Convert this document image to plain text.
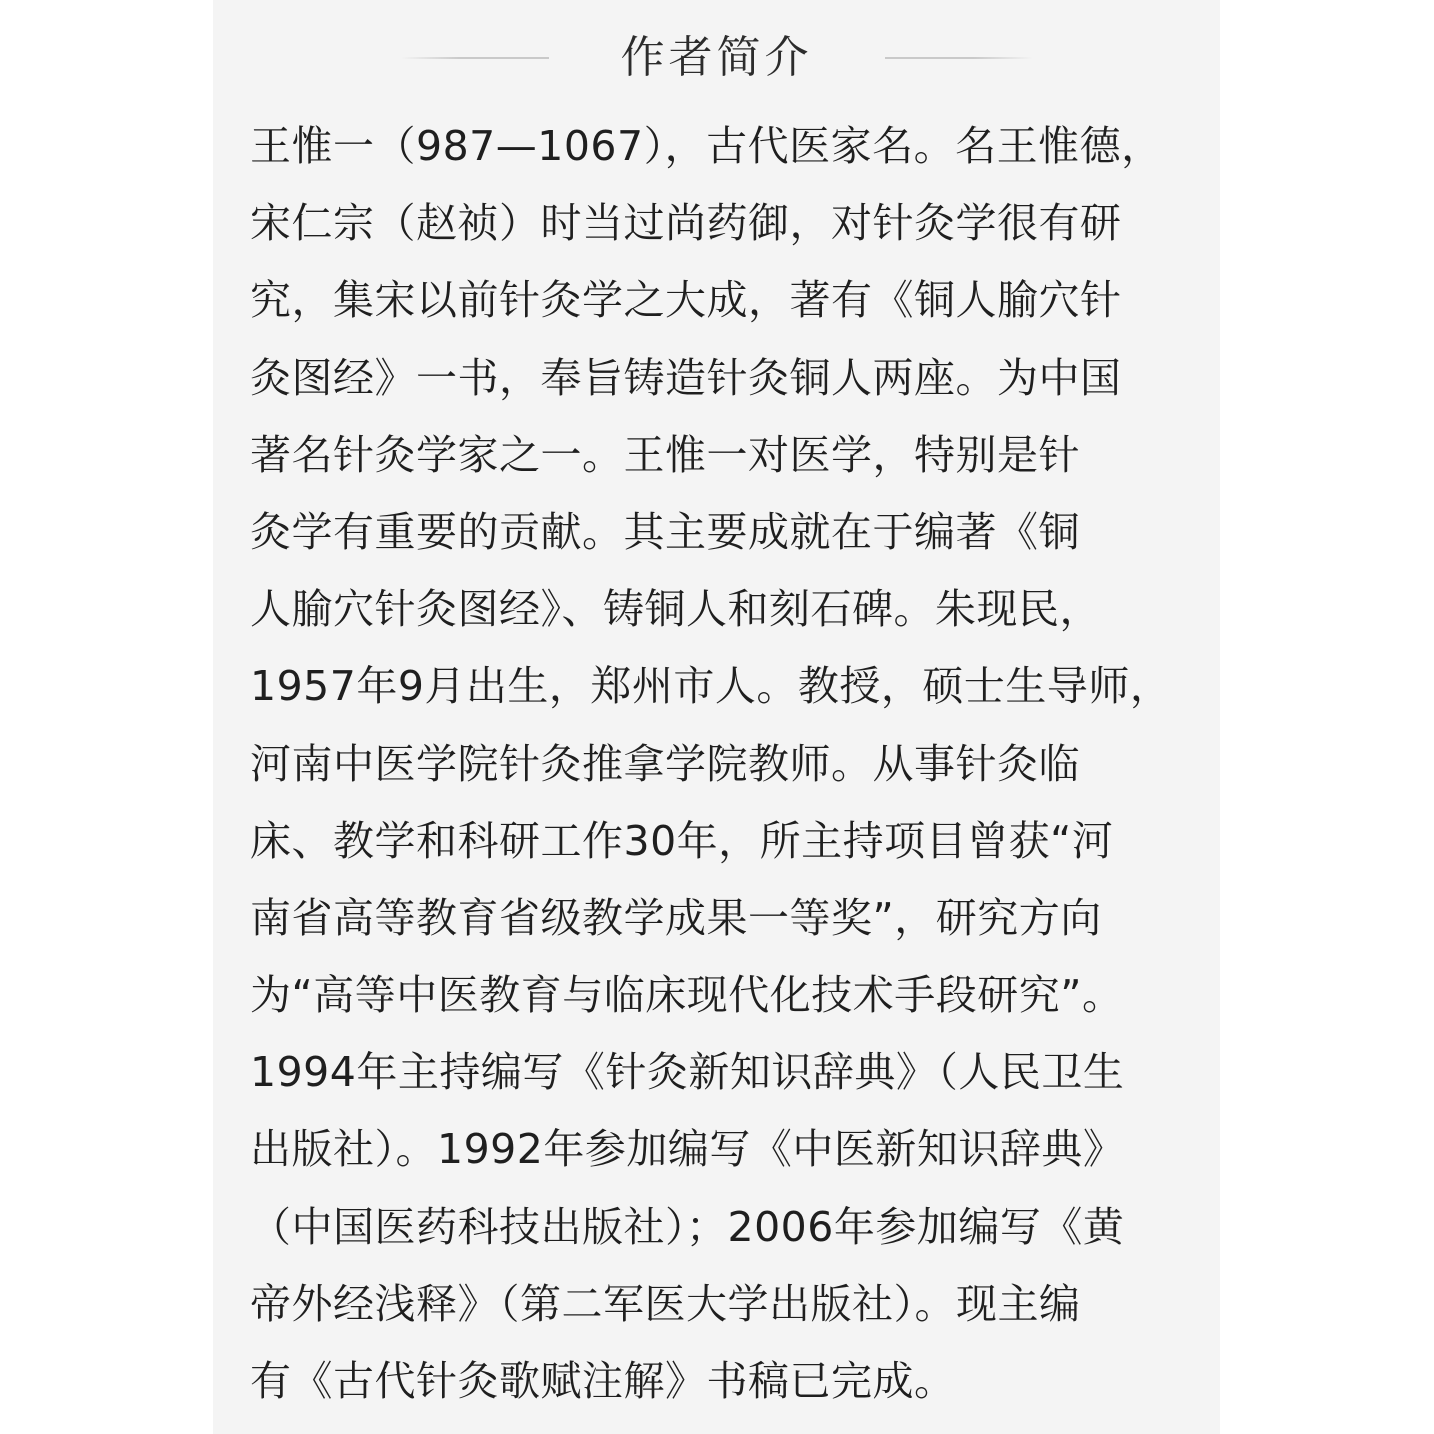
作者简介
王惟一（987—1067），古代医家名。名王惟德，
宋仁宗（赵祯）时当过尚药御，对针灸学很有研
究，集宋以前针灸学之大成，著有《铜人腧穴针
灸图经》一书，奉旨铸造针灸铜人两座。为中国
著名针灸学家之一。王惟一对医学，特别是针
灸学有重要的贡献。其主要成就在于编著《铜
人腧穴针灸图经》、铸铜人和刻石碑。朱现民，
1957年9月出生，郑州市人。教授，硕士生导师，
河南中医学院针灸推拿学院教师。从事针灸临
床、教学和科研工作30年，所主持项目曾获“河
南省高等教育省级教学成果一等奖”，研究方向
为“高等中医教育与临床现代化技术手段研究”。
1994年主持编写《针灸新知识辞典》（人民卫生
出版社）。1992年参加编写《中医新知识辞典》
（中国医药科技出版社）；2006年参加编写《黄
帝外经浅释》（第二军医大学出版社）。现主编
有《古代针灸歌赋注解》书稿已完成。
